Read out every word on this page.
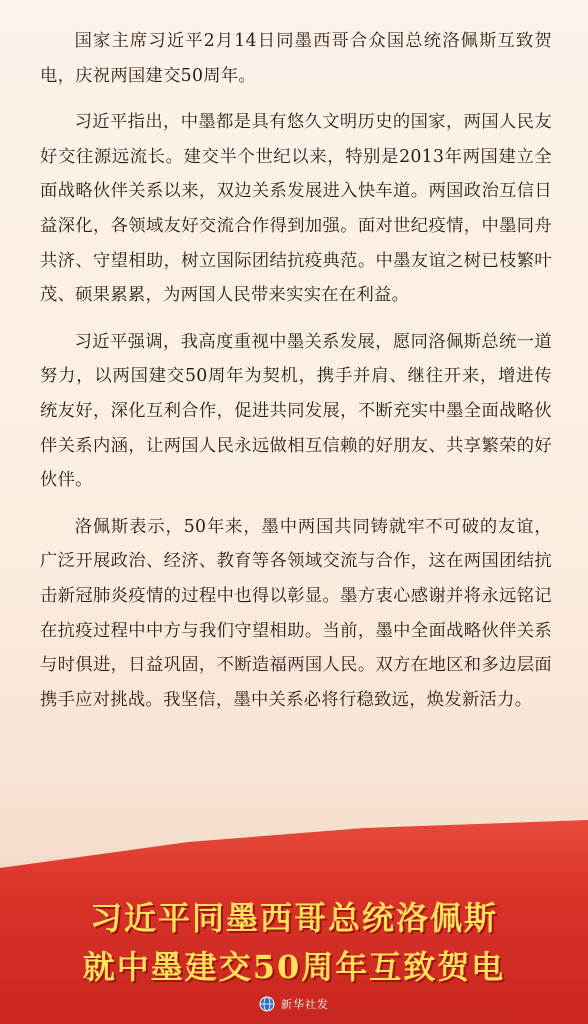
国家主席习近平2月14日同墨西哥合众国总统洛佩斯互致贺电，庆祝两国建交50周年。

习近平指出，中墨都是具有悠久文明历史的国家，两国人民友好交往源远流长。建交半个世纪以来，特别是2013年两国建立全面战略伙伴关系以来，双边关系发展进入快车道。两国政治互信日益深化，各领域友好交流合作得到加强。面对世纪疫情，中墨同舟共济、守望相助，树立国际团结抗疫典范。中墨友谊之树已枝繁叶茂、硕果累累，为两国人民带来实实在在利益。

习近平强调，我高度重视中墨关系发展，愿同洛佩斯总统一道努力，以两国建交50周年为契机，携手并肩、继往开来，增进传统友好，深化互利合作，促进共同发展，不断充实中墨全面战略伙伴关系内涵，让两国人民永远做相互信赖的好朋友、共享繁荣的好伙伴。

洛佩斯表示，50年来，墨中两国共同铸就牢不可破的友谊，广泛开展政治、经济、教育等各领域交流与合作，这在两国团结抗击新冠肺炎疫情的过程中也得以彰显。墨方衷心感谢并将永远铭记在抗疫过程中中方与我们守望相助。当前，墨中全面战略伙伴关系与时俱进，日益巩固，不断造福两国人民。双方在地区和多边层面携手应对挑战。我坚信，墨中关系必将行稳致远，焕发新活力。

习近平同墨西哥总统洛佩斯
就中墨建交50周年互致贺电
新华社发
